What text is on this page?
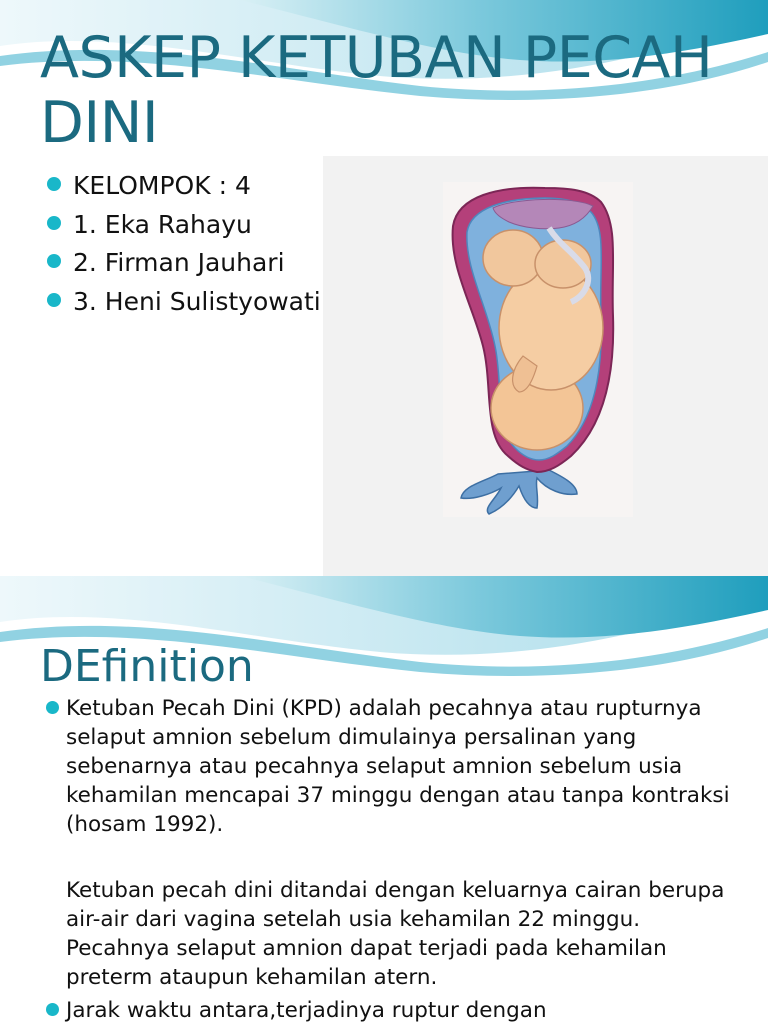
ASKEP KETUBAN PECAH DINI
KELOMPOK : 4
1. Eka Rahayu
2. Firman Jauhari
3. Heni Sulistyowati
DEfinition
Ketuban Pecah Dini (KPD) adalah pecahnya atau rupturnya selaput amnion sebelum dimulainya persalinan yang sebenarnya atau pecahnya selaput amnion sebelum usia kehamilan mencapai 37 minggu dengan atau tanpa kontraksi (hosam 1992).
Ketuban pecah dini ditandai dengan keluarnya cairan berupa air-air dari vagina setelah usia kehamilan 22 minggu. Pecahnya selaput amnion dapat terjadi pada kehamilan preterm ataupun kehamilan atern.
Jarak waktu antara,terjadinya ruptur dengan
